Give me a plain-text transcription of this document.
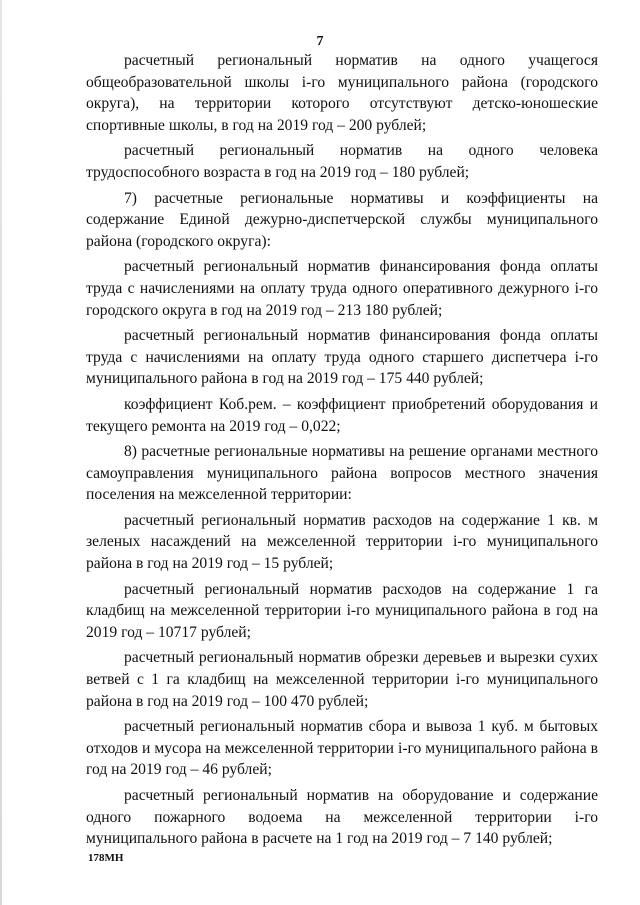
7

расчетный региональный норматив на одного учащегося общеобразовательной школы i-го муниципального района (городского округа), на территории которого отсутствуют детско-юношеские спортивные школы, в год на 2019 год – 200 рублей;

расчетный региональный норматив на одного человека трудоспособного возраста в год на 2019 год – 180 рублей;

7) расчетные региональные нормативы и коэффициенты на содержание Единой дежурно-диспетчерской службы муниципального района (городского округа):

расчетный региональный норматив финансирования фонда оплаты труда с начислениями на оплату труда одного оперативного дежурного i-го городского округа в год на 2019 год – 213 180 рублей;

расчетный региональный норматив финансирования фонда оплаты труда с начислениями на оплату труда одного старшего диспетчера i-го муниципального района в год на 2019 год – 175 440 рублей;

коэффициент Коб.рем. – коэффициент приобретений оборудования и текущего ремонта на 2019 год – 0,022;

8) расчетные региональные нормативы на решение органами местного самоуправления муниципального района вопросов местного значения поселения на межселенной территории:

расчетный региональный норматив расходов на содержание 1 кв. м зеленых насаждений на межселенной территории i-го муниципального района в год на 2019 год – 15 рублей;

расчетный региональный норматив расходов на содержание 1 га кладбищ на межселенной территории i-го муниципального района в год на 2019 год – 10717 рублей;

расчетный региональный норматив обрезки деревьев и вырезки сухих ветвей с 1 га кладбищ на межселенной территории i-го муниципального района в год на 2019 год – 100 470 рублей;

расчетный региональный норматив сбора и вывоза 1 куб. м бытовых отходов и мусора на межселенной территории i-го муниципального района в год на 2019 год – 46 рублей;

расчетный региональный норматив на оборудование и содержание одного пожарного водоема на межселенной территории i-го муниципального района в расчете на 1 год на 2019 год – 7 140 рублей;

178МН
